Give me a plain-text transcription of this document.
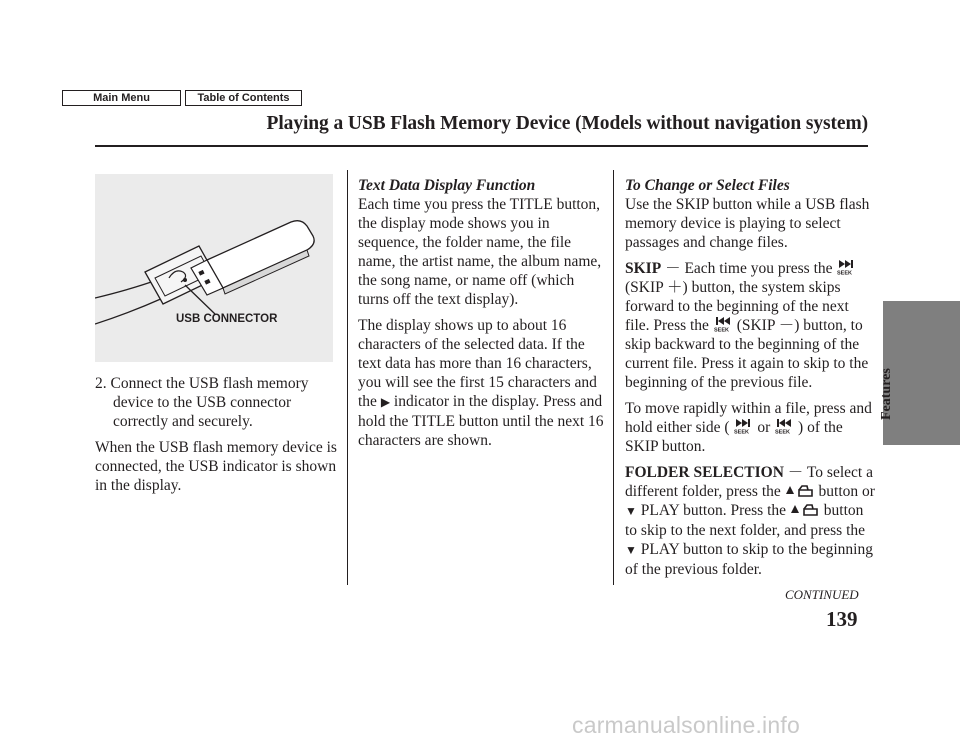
Main Menu	Table of Contents
Playing a USB Flash Memory Device (Models without navigation system)
Features
USB CONNECTOR

2. Connect the USB flash memory device to the USB connector correctly and securely.

When the USB flash memory device is connected, the USB indicator is shown in the display.

Text Data Display Function

Each time you press the TITLE button, the display mode shows you in sequence, the folder name, the file name, the artist name, the album name, the song name, or name off (which turns off the text display).

The display shows up to about 16 characters of the selected data. If the text data has more than 16 characters, you will see the first 15 characters and the ▶ indicator in the display. Press and hold the TITLE button until the next 16 characters are shown.

To Change or Select Files

Use the SKIP button while a USB flash memory device is playing to select passages and change files.

SKIP － Each time you press the SEEK
(SKIP ＋) button, the system skips forward to the beginning of the next file. Press the SEEK (SKIP －) button, to skip backward to the beginning of the current file. Press it again to skip to the beginning of the previous file.

To move rapidly within a file, press and hold either side ( SEEK or SEEK ) of the SKIP button.

FOLDER SELECTION － To select a different folder, press the button or ▼ PLAY button. Press the button to skip to the next folder, and press the ▼ PLAY button to skip to the beginning of the previous folder.

CONTINUED
139
carmanualsonline.info
